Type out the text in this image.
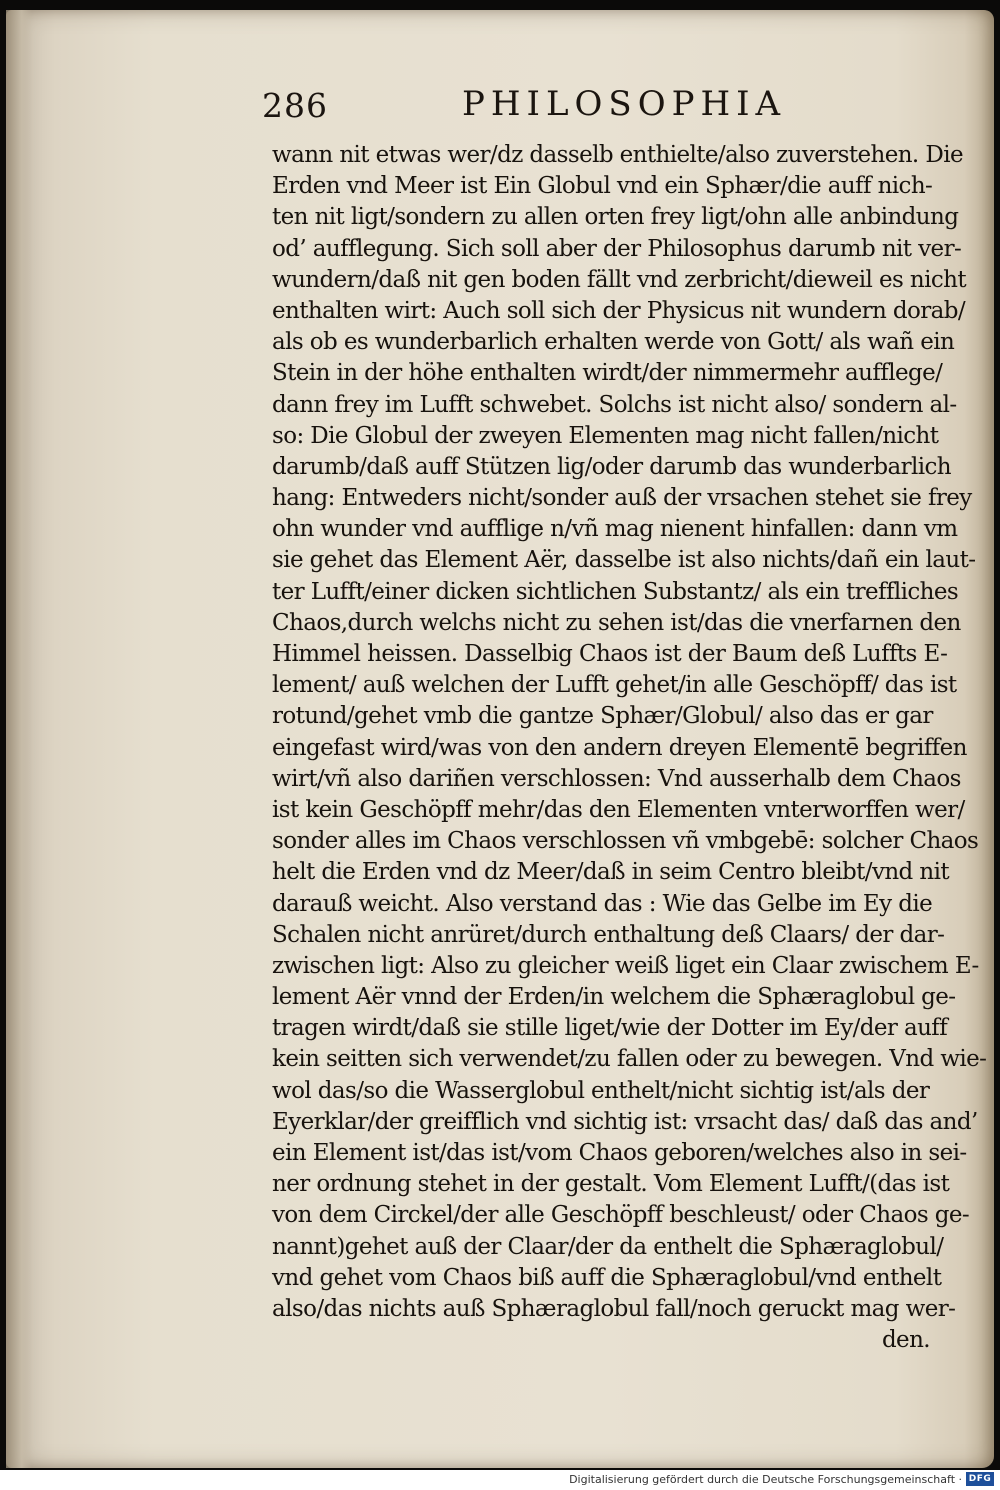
286	PHILOSOPHIA
wann nit etwas wer/dz dasselb enthielte/also zuverstehen. Die
Erden vnd Meer ist Ein Globul vnd ein Sphær/die auff nich-
ten nit ligt/sondern zu allen orten frey ligt/ohn alle anbindung
od’ aufflegung. Sich soll aber der Philosophus darumb nit ver-
wundern/daß nit gen boden fällt vnd zerbricht/dieweil es nicht
enthalten wirt: Auch soll sich der Physicus nit wundern dorab/
als ob es wunderbarlich erhalten werde von Gott/ als wañ ein
Stein in der höhe enthalten wirdt/der nimmermehr aufflege/
dann frey im Lufft schwebet. Solchs ist nicht also/ sondern al-
so: Die Globul der zweyen Elementen mag nicht fallen/nicht
darumb/daß auff Stützen lig/oder darumb das wunderbarlich
hang: Entweders nicht/sonder auß der vrsachen stehet sie frey
ohn wunder vnd aufflige n/vñ mag nienent hinfallen: dann vm
sie gehet das Element Aër, dasselbe ist also nichts/dañ ein laut-
ter Lufft/einer dicken sichtlichen Substantz/ als ein treffliches
Chaos,durch welchs nicht zu sehen ist/das die vnerfarnen den
Himmel heissen. Dasselbig Chaos ist der Baum deß Luffts E-
lement/ auß welchen der Lufft gehet/in alle Geschöpff/ das ist
rotund/gehet vmb die gantze Sphær/Globul/ also das er gar
eingefast wird/was von den andern dreyen Elementē begriffen
wirt/vñ also dariñen verschlossen: Vnd ausserhalb dem Chaos
ist kein Geschöpff mehr/das den Elementen vnterworffen wer/
sonder alles im Chaos verschlossen vñ vmbgebē: solcher Chaos
helt die Erden vnd dz Meer/daß in seim Centro bleibt/vnd nit
darauß weicht. Also verstand das : Wie das Gelbe im Ey die
Schalen nicht anrüret/durch enthaltung deß Claars/ der dar-
zwischen ligt: Also zu gleicher weiß liget ein Claar zwischem E-
lement Aër vnnd der Erden/in welchem die Sphæraglobul ge-
tragen wirdt/daß sie stille liget/wie der Dotter im Ey/der auff
kein seitten sich verwendet/zu fallen oder zu bewegen. Vnd wie-
wol das/so die Wasserglobul enthelt/nicht sichtig ist/als der
Eyerklar/der greifflich vnd sichtig ist: vrsacht das/ daß das and’
ein Element ist/das ist/vom Chaos geboren/welches also in sei-
ner ordnung stehet in der gestalt. Vom Element Lufft/(das ist
von dem Circkel/der alle Geschöpff beschleust/ oder Chaos ge-
nannt)gehet auß der Claar/der da enthelt die Sphæraglobul/
vnd gehet vom Chaos biß auff die Sphæraglobul/vnd enthelt
also/das nichts auß Sphæraglobul fall/noch geruckt mag wer-
den.
Digitalisierung gefördert durch die Deutsche Forschungsgemeinschaft · DFG
